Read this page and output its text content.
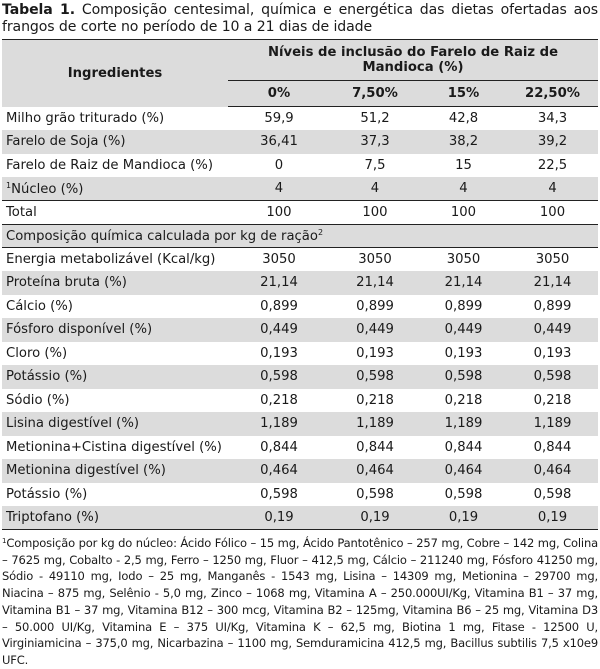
Tabela 1. Composição centesimal, química e energética das dietas ofertadas aos frangos de corte no período de 10 a 21 dias de idade
Ingredientes	Níveis de inclusão do Farelo de Raiz de Mandioca (%)			
	0%	7,50%	15%	22,50%
Milho grão triturado (%)	59,9	51,2	42,8	34,3
Farelo de Soja (%)	36,41	37,3	38,2	39,2
Farelo de Raiz de Mandioca (%)	0	7,5	15	22,5
$^1$Núcleo (%)	4	4	4	4
Total	100	100	100	100
Composição química calculada por kg de ração$^2$
Energia metabolizável (Kcal/kg)	3050	3050	3050	3050
Proteína bruta (%)	21,14	21,14	21,14	21,14
Cálcio (%)	0,899	0,899	0,899	0,899
Fósforo disponível (%)	0,449	0,449	0,449	0,449
Cloro (%)	0,193	0,193	0,193	0,193
Potássio (%)	0,598	0,598	0,598	0,598
Sódio (%)	0,218	0,218	0,218	0,218
Lisina digestível (%)	1,189	1,189	1,189	1,189
Metionina+Cistina digestível (%)	0,844	0,844	0,844	0,844
Metionina digestível (%)	0,464	0,464	0,464	0,464
Potássio (%)	0,598	0,598	0,598	0,598
Triptofano (%)	0,19	0,19	0,19	0,19
$^1$Composição por kg do núcleo: Ácido Fólico – 15 mg, Ácido Pantotênico – 257 mg, Cobre – 142 mg, Colina – 7625 mg, Cobalto - 2,5 mg, Ferro – 1250 mg, Fluor – 412,5 mg, Cálcio – 211240 mg, Fósforo 41250 mg, Sódio - 49110 mg, Iodo – 25 mg, Manganês - 1543 mg, Lisina – 14309 mg, Metionina – 29700 mg, Niacina – 875 mg, Selênio - 5,0 mg, Zinco – 1068 mg, Vitamina A – 250.000UI/Kg, Vitamina B1 – 37 mg, Vitamina B1 – 37 mg, Vitamina B12 – 300 mcg, Vitamina B2 – 125mg, Vitamina B6 – 25 mg, Vitamina D3 – 50.000 UI/Kg, Vitamina E – 375 UI/Kg, Vitamina K – 62,5 mg, Biotina 1 mg, Fitase - 12500 U, Virginiamicina – 375,0 mg, Nicarbazina – 1100 mg, Semduramicina 412,5 mg, Bacillus subtilis 7,5 x10e9 UFC.
